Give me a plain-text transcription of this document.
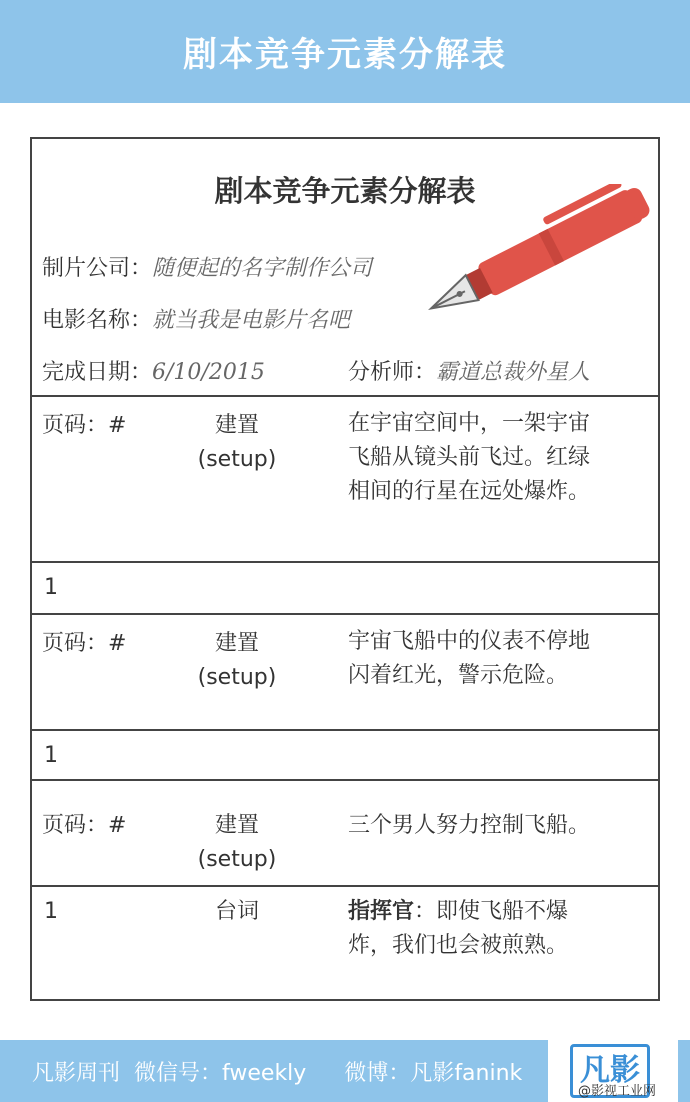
剧本竞争元素分解表
剧本竞争元素分解表
制片公司：随便起的名字制作公司
电影名称：就当我是电影片名吧
完成日期：6/10/2015	分析师：霸道总裁外星人
页码：#	建置
(setup)
在宇宙空间中，一架宇宙
飞船从镜头前飞过。红绿
相间的行星在远处爆炸。
1
页码：#	建置
(setup)
宇宙飞船中的仪表不停地
闪着红光，警示危险。
1
页码：#	建置
(setup)
三个男人努力控制飞船。
1	台词	指挥官：即使飞船不爆
炸，我们也会被煎熟。
凡影周刊 微信号：fweekly 微博：凡影fanink	凡影
@影视工业网
